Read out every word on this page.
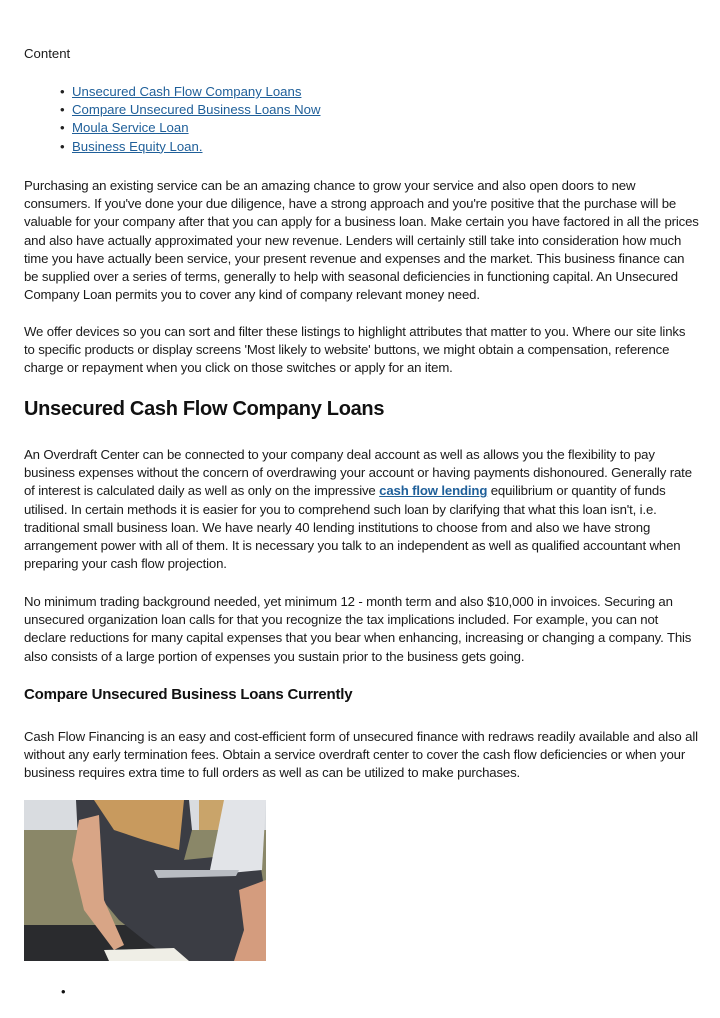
Content
• Unsecured Cash Flow Company Loans
• Compare Unsecured Business Loans Now
• Moula Service Loan
• Business Equity Loan.

Purchasing an existing service can be an amazing chance to grow your service and also open doors to new consumers. If you've done your due diligence, have a strong approach and you're positive that the purchase will be valuable for your company after that you can apply for a business loan. Make certain you have factored in all the prices and also have actually approximated your new revenue. Lenders will certainly still take into consideration how much time you have actually been service, your present revenue and expenses and the market. This business finance can be supplied over a series of terms, generally to help with seasonal deficiencies in functioning capital. An Unsecured Company Loan permits you to cover any kind of company relevant money need.

We offer devices so you can sort and filter these listings to highlight attributes that matter to you. Where our site links to specific products or display screens 'Most likely to website' buttons, we might obtain a compensation, reference charge or repayment when you click on those switches or apply for an item.

Unsecured Cash Flow Company Loans

An Overdraft Center can be connected to your company deal account as well as allows you the flexibility to pay business expenses without the concern of overdrawing your account or having payments dishonoured. Generally rate of interest is calculated daily as well as only on the impressive cash flow lending equilibrium or quantity of funds utilised. In certain methods it is easier for you to comprehend such loan by clarifying that what this loan isn't, i.e. traditional small business loan. We have nearly 40 lending institutions to choose from and also we have strong arrangement power with all of them. It is necessary you talk to an independent as well as qualified accountant when preparing your cash flow projection.

No minimum trading background needed, yet minimum 12 - month term and also $10,000 in invoices. Securing an unsecured organization loan calls for that you recognize the tax implications included. For example, you can not declare reductions for many capital expenses that you bear when enhancing, increasing or changing a company. This also consists of a large portion of expenses you sustain prior to the business gets going.

Compare Unsecured Business Loans Currently

Cash Flow Financing is an easy and cost-efficient form of unsecured finance with redraws readily available and also all without any early termination fees. Obtain a service overdraft center to cover the cash flow deficiencies or when your business requires extra time to full orders as well as can be utilized to make purchases.

•
